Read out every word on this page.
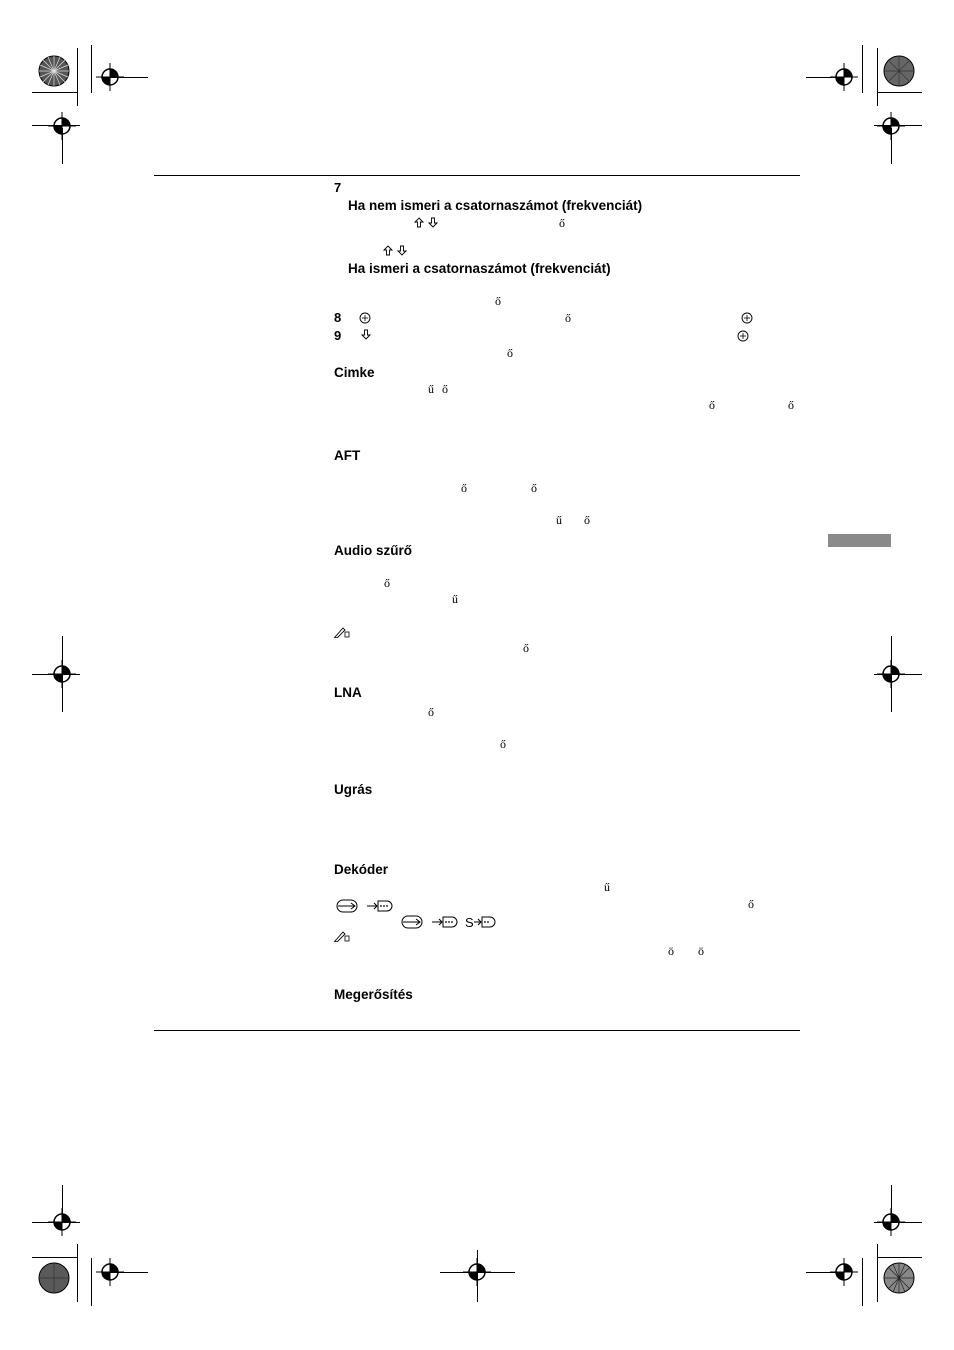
7
Ha nem ismeri a csatornaszámot (frekvenciát)
ő
Ha ismeri a csatornaszámot (frekvenciát)
ő
8	ő
9
ő
Cimke
ű ő
ő	ő
AFT
ő	ő
ű ő
Audio szűrő
ő
ű
ő
LNA
ő
ő
Ugrás
Dekóder
ű
ő
S
ö ö
Megerősítés
